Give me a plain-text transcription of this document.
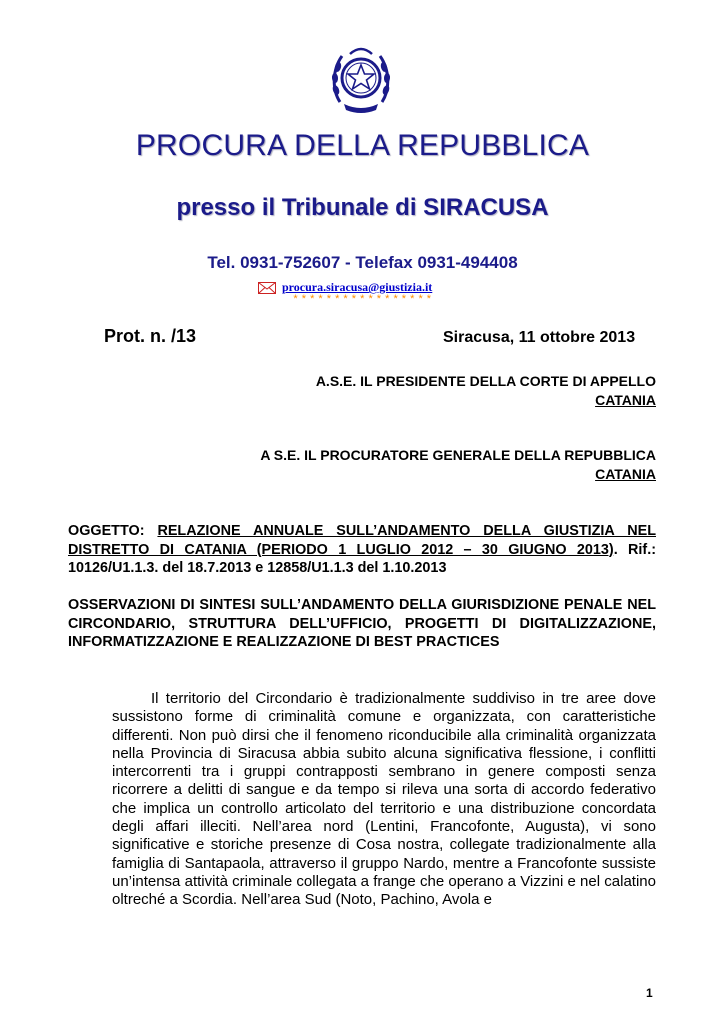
PROCURA DELLA REPUBBLICA
presso il Tribunale di SIRACUSA
Tel. 0931-752607 - Telefax 0931-494408
procura.siracusa@giustizia.it
* * * * * * * * * * * * * * * * *
Prot. n. /13	Siracusa, 11 ottobre 2013
A.S.E. IL PRESIDENTE DELLA CORTE DI APPELLO
CATANIA
A S.E. IL PROCURATORE GENERALE DELLA REPUBBLICA
CATANIA
OGGETTO: RELAZIONE ANNUALE SULL’ANDAMENTO DELLA GIUSTIZIA NEL DISTRETTO DI CATANIA (PERIODO 1 LUGLIO 2012 – 30 GIUGNO 2013). Rif.: 10126/U1.1.3. del 18.7.2013 e 12858/U1.1.3 del 1.10.2013
OSSERVAZIONI DI SINTESI SULL’ANDAMENTO DELLA GIURISDIZIONE PENALE NEL CIRCONDARIO, STRUTTURA DELL’UFFICIO, PROGETTI DI DIGITALIZZAZIONE, INFORMATIZZAZIONE E REALIZZAZIONE DI BEST PRACTICES

Il territorio del Circondario è tradizionalmente suddiviso in tre aree dove sussistono forme di criminalità comune e organizzata, con caratteristiche differenti. Non può dirsi che il fenomeno riconducibile alla criminalità organizzata nella Provincia di Siracusa abbia subito alcuna significativa flessione, i conflitti intercorrenti tra i gruppi contrapposti sembrano in genere composti senza ricorrere a delitti di sangue e da tempo si rileva una sorta di accordo federativo che implica un controllo articolato del territorio e una distribuzione concordata degli affari illeciti. Nell’area nord (Lentini, Francofonte, Augusta), vi sono significative e storiche presenze di Cosa nostra, collegate tradizionalmente alla famiglia di Santapaola, attraverso il gruppo Nardo, mentre a Francofonte sussiste un’intensa attività criminale collegata a frange che operano a Vizzini e nel calatino oltreché a Scordia. Nell’area Sud (Noto, Pachino, Avola e

1
